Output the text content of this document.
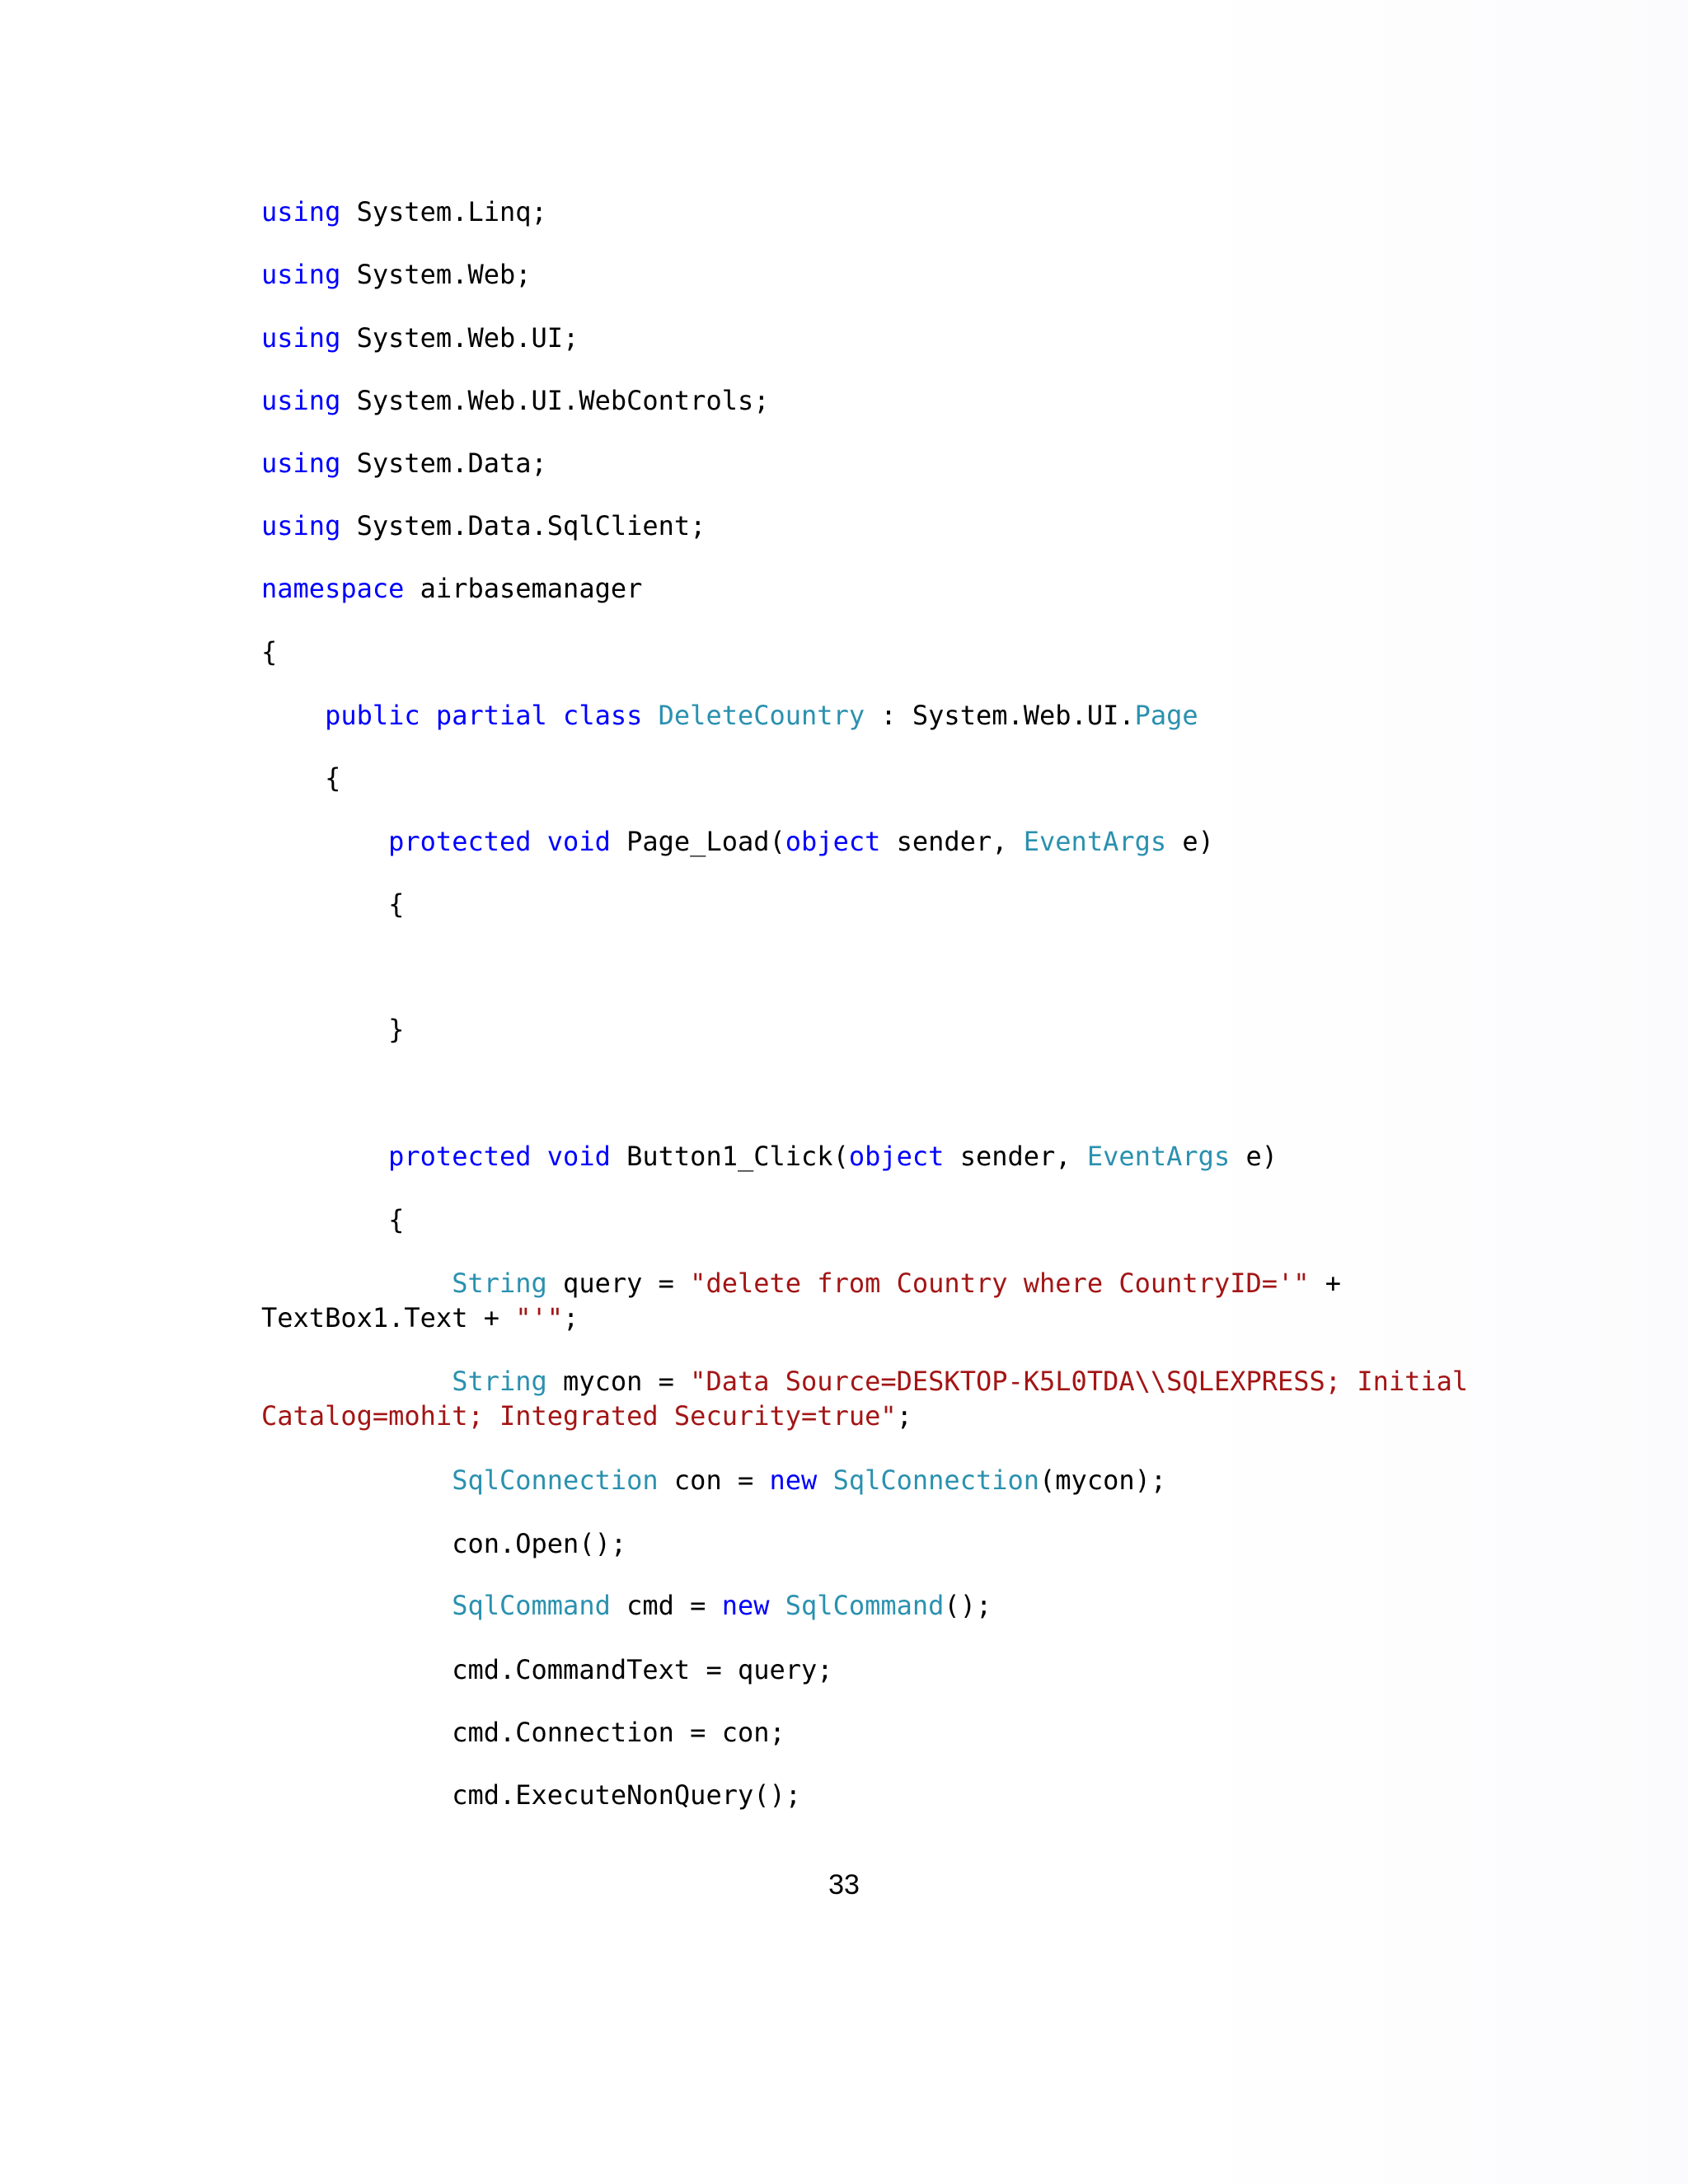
using System.Linq;
using System.Web;
using System.Web.UI;
using System.Web.UI.WebControls;
using System.Data;
using System.Data.SqlClient;
namespace airbasemanager
{
public partial class DeleteCountry : System.Web.UI.Page
{
protected void Page_Load(object sender, EventArgs e)
{
}
protected void Button1_Click(object sender, EventArgs e)
{
String query = "delete from Country where CountryID='" +
TextBox1.Text + "'";
String mycon = "Data Source=DESKTOP-K5L0TDA\\SQLEXPRESS; Initial
Catalog=mohit; Integrated Security=true";
SqlConnection con = new SqlConnection(mycon);
con.Open();
SqlCommand cmd = new SqlCommand();
cmd.CommandText = query;
cmd.Connection = con;
cmd.ExecuteNonQuery();
33
